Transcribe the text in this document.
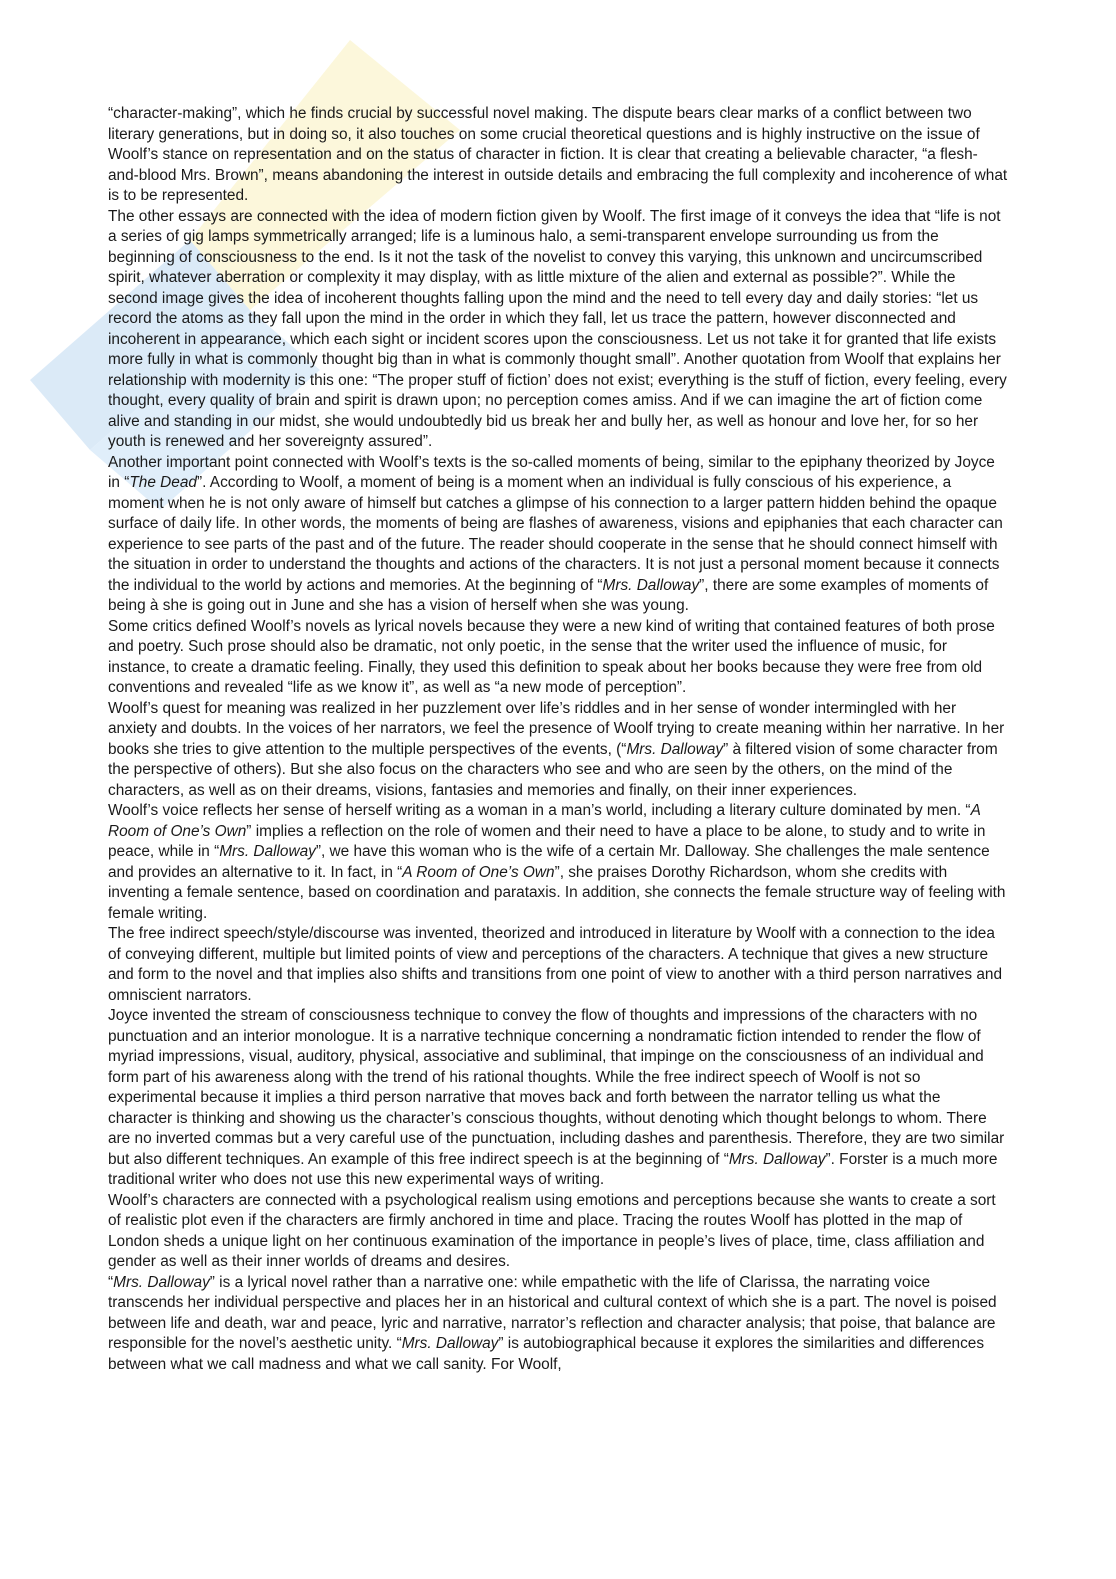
“character-making”, which he finds crucial by successful novel making. The dispute bears clear marks of a conflict between two literary generations, but in doing so, it also touches on some crucial theoretical questions and is highly instructive on the issue of Woolf’s stance on representation and on the status of character in fiction. It is clear that creating a believable character, “a flesh-and-blood Mrs. Brown”, means abandoning the interest in outside details and embracing the full complexity and incoherence of what is to be represented.

The other essays are connected with the idea of modern fiction given by Woolf. The first image of it conveys the idea that “life is not a series of gig lamps symmetrically arranged; life is a luminous halo, a semi-transparent envelope surrounding us from the beginning of consciousness to the end. Is it not the task of the novelist to convey this varying, this unknown and uncircumscribed spirit, whatever aberration or complexity it may display, with as little mixture of the alien and external as possible?”. While the second image gives the idea of incoherent thoughts falling upon the mind and the need to tell every day and daily stories: “let us record the atoms as they fall upon the mind in the order in which they fall, let us trace the pattern, however disconnected and incoherent in appearance, which each sight or incident scores upon the consciousness. Let us not take it for granted that life exists more fully in what is commonly thought big than in what is commonly thought small”. Another quotation from Woolf that explains her relationship with modernity is this one: “The proper stuff of fiction’ does not exist; everything is the stuff of fiction, every feeling, every thought, every quality of brain and spirit is drawn upon; no perception comes amiss. And if we can imagine the art of fiction come alive and standing in our midst, she would undoubtedly bid us break her and bully her, as well as honour and love her, for so her youth is renewed and her sovereignty assured”.

Another important point connected with Woolf’s texts is the so-called moments of being, similar to the epiphany theorized by Joyce in “The Dead”. According to Woolf, a moment of being is a moment when an individual is fully conscious of his experience, a moment when he is not only aware of himself but catches a glimpse of his connection to a larger pattern hidden behind the opaque surface of daily life. In other words, the moments of being are flashes of awareness, visions and epiphanies that each character can experience to see parts of the past and of the future. The reader should cooperate in the sense that he should connect himself with the situation in order to understand the thoughts and actions of the characters. It is not just a personal moment because it connects the individual to the world by actions and memories. At the beginning of “Mrs. Dalloway”, there are some examples of moments of being à she is going out in June and she has a vision of herself when she was young.

Some critics defined Woolf’s novels as lyrical novels because they were a new kind of writing that contained features of both prose and poetry. Such prose should also be dramatic, not only poetic, in the sense that the writer used the influence of music, for instance, to create a dramatic feeling. Finally, they used this definition to speak about her books because they were free from old conventions and revealed “life as we know it”, as well as “a new mode of perception”.

Woolf’s quest for meaning was realized in her puzzlement over life’s riddles and in her sense of wonder intermingled with her anxiety and doubts. In the voices of her narrators, we feel the presence of Woolf trying to create meaning within her narrative. In her books she tries to give attention to the multiple perspectives of the events, (“Mrs. Dalloway” à filtered vision of some character from the perspective of others). But she also focus on the characters who see and who are seen by the others, on the mind of the characters, as well as on their dreams, visions, fantasies and memories and finally, on their inner experiences.

Woolf’s voice reflects her sense of herself writing as a woman in a man’s world, including a literary culture dominated by men. “A Room of One’s Own” implies a reflection on the role of women and their need to have a place to be alone, to study and to write in peace, while in “Mrs. Dalloway”, we have this woman who is the wife of a certain Mr. Dalloway. She challenges the male sentence and provides an alternative to it. In fact, in “A Room of One’s Own”, she praises Dorothy Richardson, whom she credits with inventing a female sentence, based on coordination and parataxis. In addition, she connects the female structure way of feeling with female writing.

The free indirect speech/style/discourse was invented, theorized and introduced in literature by Woolf with a connection to the idea of conveying different, multiple but limited points of view and perceptions of the characters. A technique that gives a new structure and form to the novel and that implies also shifts and transitions from one point of view to another with a third person narratives and omniscient narrators.

Joyce invented the stream of consciousness technique to convey the flow of thoughts and impressions of the characters with no punctuation and an interior monologue. It is a narrative technique concerning a nondramatic fiction intended to render the flow of myriad impressions, visual, auditory, physical, associative and subliminal, that impinge on the consciousness of an individual and form part of his awareness along with the trend of his rational thoughts. While the free indirect speech of Woolf is not so experimental because it implies a third person narrative that moves back and forth between the narrator telling us what the character is thinking and showing us the character’s conscious thoughts, without denoting which thought belongs to whom. There are no inverted commas but a very careful use of the punctuation, including dashes and parenthesis. Therefore, they are two similar but also different techniques. An example of this free indirect speech is at the beginning of “Mrs. Dalloway”. Forster is a much more traditional writer who does not use this new experimental ways of writing.

Woolf’s characters are connected with a psychological realism using emotions and perceptions because she wants to create a sort of realistic plot even if the characters are firmly anchored in time and place. Tracing the routes Woolf has plotted in the map of London sheds a unique light on her continuous examination of the importance in people’s lives of place, time, class affiliation and gender as well as their inner worlds of dreams and desires.

“Mrs. Dalloway” is a lyrical novel rather than a narrative one: while empathetic with the life of Clarissa, the narrating voice transcends her individual perspective and places her in an historical and cultural context of which she is a part. The novel is poised between life and death, war and peace, lyric and narrative, narrator’s reflection and character analysis; that poise, that balance are responsible for the novel’s aesthetic unity. “Mrs. Dalloway” is autobiographical because it explores the similarities and differences between what we call madness and what we call sanity. For Woolf,
